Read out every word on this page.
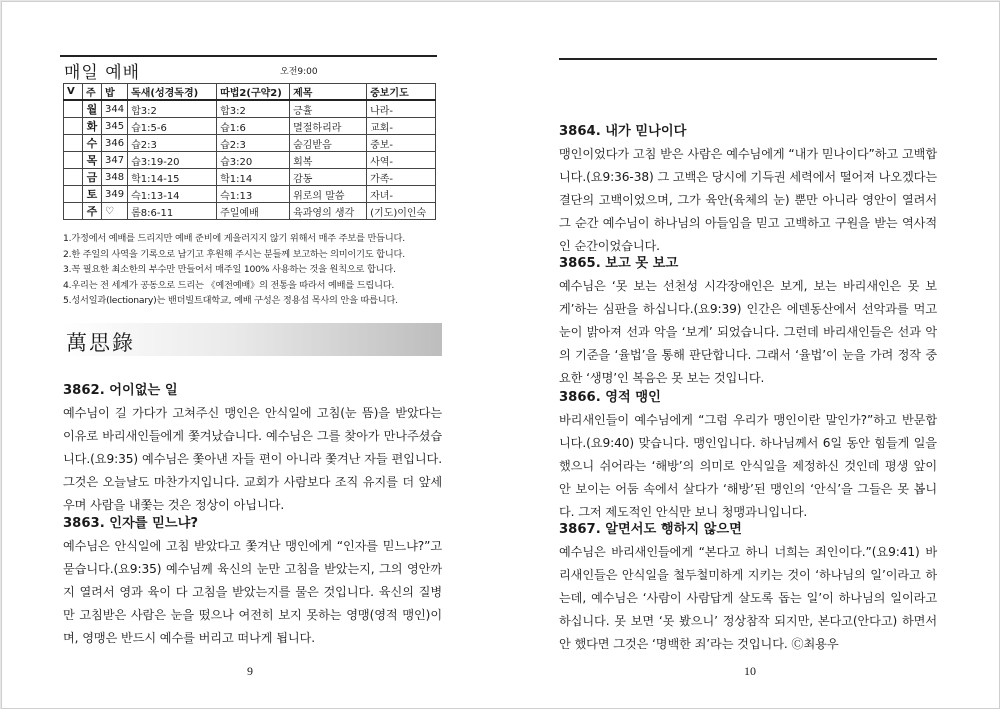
매일 예배	오전9:00
V	주	밥	독새(성경독경)	따법2(구약2)	제목	중보기도
	월	344	합3:2	합3:2	긍휼	나라-
	화	345	습1:5-6	습1:6	멸절하리라	교회-
	수	346	습2:3	습2:3	숨김받음	중보-
	목	347	습3:19-20	습3:20	회복	사역-
	금	348	학1:14-15	학1:14	감동	가족-
	토	349	슥1:13-14	슥1:13	위로의 말씀	자녀-
	주	♡	롬8:6-11	주일예배	육과영의 생각	(기도)이인숙
1.가정에서 예배를 드리지만 예배 준비에 게을러지지 않기 위해서 매주 주보를 만듭니다.
2.한 주일의 사역을 기록으로 남기고 후원해 주시는 분들께 보고하는 의미이기도 합니다.
3.꼭 필요한 최소한의 부수만 만들어서 매주일 100% 사용하는 것을 원칙으로 합니다.
4.우리는 전 세계가 공동으로 드리는 《예전예배》의 전통을 따라서 예배를 드립니다.
5.성서일과(lectionary)는 밴더빌트대학교, 예배 구성은 정용섭 목사의 안을 따릅니다.
萬思錄
3862. 어이없는 일

예수님이 길 가다가 고쳐주신 맹인은 안식일에 고침(눈 뜸)을 받았다는 이유로 바리새인들에게 쫓겨났습니다. 예수님은 그를 찾아가 만나주셨습니다.(요9:35) 예수님은 쫓아낸 자들 편이 아니라 쫓겨난 자들 편입니다. 그것은 오늘날도 마찬가지입니다. 교회가 사람보다 조직 유지를 더 앞세우며 사람을 내쫓는 것은 정상이 아닙니다.

3863. 인자를 믿느냐?

예수님은 안식일에 고침 받았다고 쫓겨난 맹인에게 “인자를 믿느냐?”고 묻습니다.(요9:35) 예수님께 육신의 눈만 고침을 받았는지, 그의 영안까지 열려서 영과 육이 다 고침을 받았는지를 물은 것입니다. 육신의 질병만 고침받은 사람은 눈을 떴으나 여전히 보지 못하는 영맹(영적 맹인)이며, 영맹은 반드시 예수를 버리고 떠나게 됩니다.

9
3864. 내가 믿나이다

맹인이었다가 고침 받은 사람은 예수님에게 “내가 믿나이다”하고 고백합니다.(요9:36-38) 그 고백은 당시에 기득권 세력에서 떨어져 나오겠다는 결단의 고백이었으며, 그가 육안(육체의 눈) 뿐만 아니라 영안이 열려서 그 순간 예수님이 하나님의 아들임을 믿고 고백하고 구원을 받는 역사적인 순간이었습니다.

3865. 보고 못 보고

예수님은 ‘못 보는 선천성 시각장애인은 보게, 보는 바리새인은 못 보게’하는 심판을 하십니다.(요9:39) 인간은 에덴동산에서 선악과를 먹고 눈이 밝아져 선과 악을 ‘보게’ 되었습니다. 그런데 바리새인들은 선과 악의 기준을 ‘율법’을 통해 판단합니다. 그래서 ‘율법’이 눈을 가려 정작 중요한 ‘생명’인 복음은 못 보는 것입니다.

3866. 영적 맹인

바리새인들이 예수님에게 “그럼 우리가 맹인이란 말인가?”하고 반문합니다.(요9:40) 맞습니다. 맹인입니다. 하나님께서 6일 동안 힘들게 일을 했으니 쉬어라는 ‘해방’의 의미로 안식일을 제정하신 것인데 평생 앞이 안 보이는 어둠 속에서 살다가 ‘해방’된 맹인의 ‘안식’을 그들은 못 봅니다. 그저 제도적인 안식만 보니 청맹과니입니다.

3867. 알면서도 행하지 않으면

예수님은 바리새인들에게 “본다고 하니 너희는 죄인이다.”(요9:41) 바리새인들은 안식일을 철두철미하게 지키는 것이 ‘하나님의 일’이라고 하는데, 예수님은 ‘사람이 사람답게 살도록 돕는 일’이 하나님의 일이라고 하십니다. 못 보면 ‘못 봤으니’ 정상참작 되지만, 본다고(안다고) 하면서 안 했다면 그것은 ‘명백한 죄’라는 것입니다. Ⓒ최용우

10
